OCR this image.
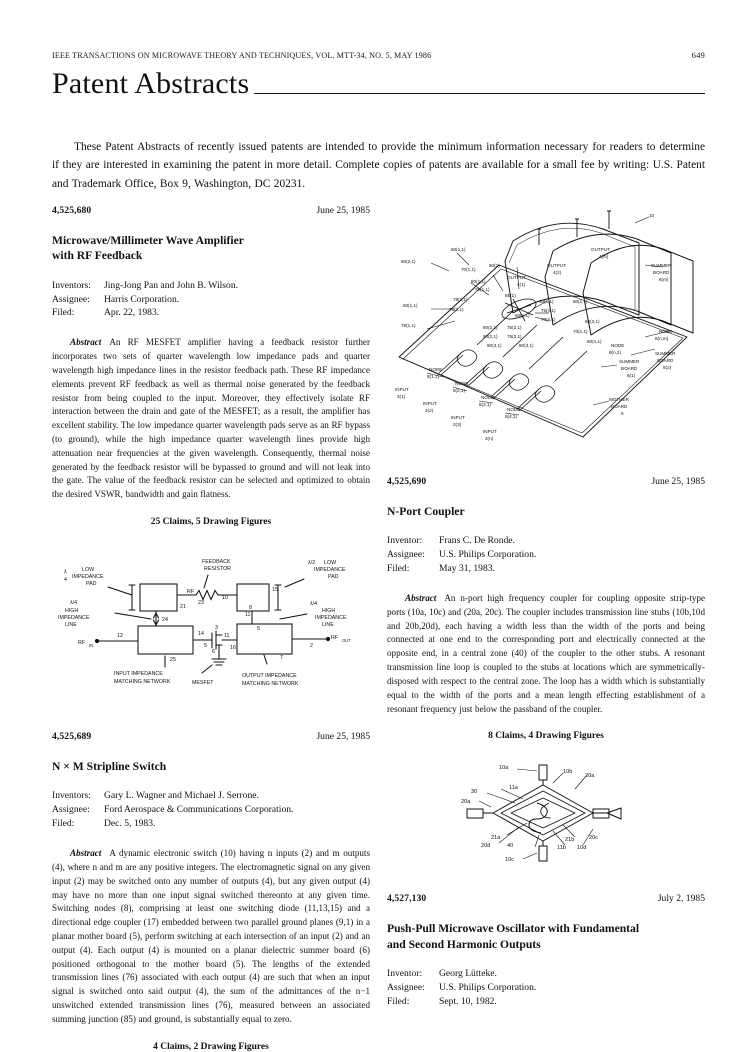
IEEE TRANSACTIONS ON MICROWAVE THEORY AND TECHNIQUES, VOL. MTT-34, NO. 5, MAY 1986	649
Patent Abstracts
These Patent Abstracts of recently issued patents are intended to provide the minimum information necessary for readers to determine if they are interested in examining the patent in more detail. Complete copies of patents are available for a small fee by writing: U.S. Patent and Trademark Office, Box 9, Washington, DC 20231.
4,525,680	June 25, 1985
Microwave/Millimeter Wave Amplifier
with RF Feedback
Inventors:	Jing-Jong Pan and John B. Wilson.
Assignee:	Harris Corporation.
Filed:	Apr. 22, 1983.
Abstract An RF MESFET amplifier having a feedback resistor further incorporates two sets of quarter wavelength low impedance pads and quarter wavelength high impedance lines in the resistor feedback path. These RF impedance elements prevent RF feedback as well as thermal noise generated by the feedback resistor from being coupled to the input. Moreover, they effectively isolate RF interaction between the drain and gate of the MESFET; as a result, the amplifier has excellent stability. The low impedance quarter wavelength pads serve as an RF bypass (to ground), while the high impedance quarter wavelength lines provide high attenuation near frequencies at the given wavelength. Consequently, thermal noise generated by the feedback resistor will be bypassed to ground and will not leak into the gate. The value of the feedback resistor can be selected and optimized to obtain the desired VSWR, bandwidth and gain flatness.
25 Claims, 5 Drawing Figures
LOW
IMPEDANCE
PAD
λ
4
λ/4
HIGH
IMPEDANCE
LINE
FEEDBACK
RESISTOR
λ/2 LOW
IMPEDANCE
PAD
λ/4
HIGH
IMPEDANCE
LINE
INPUT IMPEDANCE
MATCHING NETWORK	MESFET
OUTPUT IMPEDANCE
MATCHING NETWORK
RF IN
RF OUT
21
24
23
10
15
11
12	14
3
11
5
6
16
5
25	7
2
8
RF
4,525,689	June 25, 1985
N × M Stripline Switch
Inventors:	Gary L. Wagner and Michael J. Serrone.
Assignee:	Ford Aerospace & Communications Corporation.
Filed:	Dec. 5, 1983.
Abstract A dynamic electronic switch (10) having n inputs (2) and m outputs (4), where n and m are any positive integers. The electromagnetic signal on any given input (2) may be switched onto any number of outputs (4), but any given output (4) may have no more than one input signal switched thereonto at any given time. Switching nodes (8), comprising at least one switching diode (11,13,15) and a directional edge coupler (17) embedded between two parallel ground planes (9,1) in a planar mother board (5), perform switching at each intersection of an input (2) and an output (4). Each output (4) is mounted on a planar dielectric summer board (6) positioned orthogonal to the mother board (5). The lengths of the extended transmission lines (76) associated with each output (4) are such that when an input signal is switched onto said output (4), the sum of the admittances of the n−1 unswitched extended transmission lines (76), measured between an associated summing junction (85) and ground, is substantially equal to zero.
4 Claims, 2 Drawing Figures
10
60(1,1)
60(2,1)
70(1,1)
80(1)
80(1,1)
OUTPUT
4(1)
75(1,1)
50(1,1)
78(1,1)
78(2,1)
78(2,1)
85(1)
60(n,1)
75(n,1)
70(n,1)
80(2,1) 75(2,1)
80(2,1) 75(3,1)
80(3,1)	80(3,1)
80(n,1)
OUTPUT
4(2)
OUTPUT
4(m)
60(1,1)
60(3,1)
50(n,1)
70(n,1)
SUMMER
BOARD
6(m)
NODE
8(n,m)
SUMMER
BOARD
6(2)
SUMMER
BOARD
6(1)
NODE
8(n,2)
MOTHER
BOARD
5
NODE
8(1,1)
NODE
8(2,1)
NODE
8(3,1)
NODE
8(4,1)
INPUT
2(1)
INPUT
2(2)
INPUT
2(3)
INPUT
2(n)
4,525,690	June 25, 1985
N-Port Coupler
Inventor:	Frans C. De Ronde.
Assignee:	U.S. Philips Corporation.
Filed:	May 31, 1983.
Abstract An n-port high frequency coupler for coupling opposite strip-type ports (10a, 10c) and (20a, 20c). The coupler includes transmission line stubs (10b,10d and 20b,20d), each having a width less than the width of the ports and being connected at one end to the corresponding port and electrically connected at the opposite end, in a central zone (40) of the coupler to the other stubs. A resonant transmission line loop is coupled to the stubs at locations which are symmetrically-disposed with respect to the central zone. The loop has a width which is substantially equal to the width of the ports and a mean length effecting establishment of a resonant frequency just below the passband of the coupler.
8 Claims, 4 Drawing Figures
10a
10b
20a
11a
30
20a
21a
20d	40
21b
11b 10d
20c
10c
4,527,130	July 2, 1985
Push-Pull Microwave Oscillator with Fundamental
and Second Harmonic Outputs
Inventor:	Georg Lütteke.
Assignee:	U.S. Philips Corporation.
Filed:	Sept. 10, 1982.
